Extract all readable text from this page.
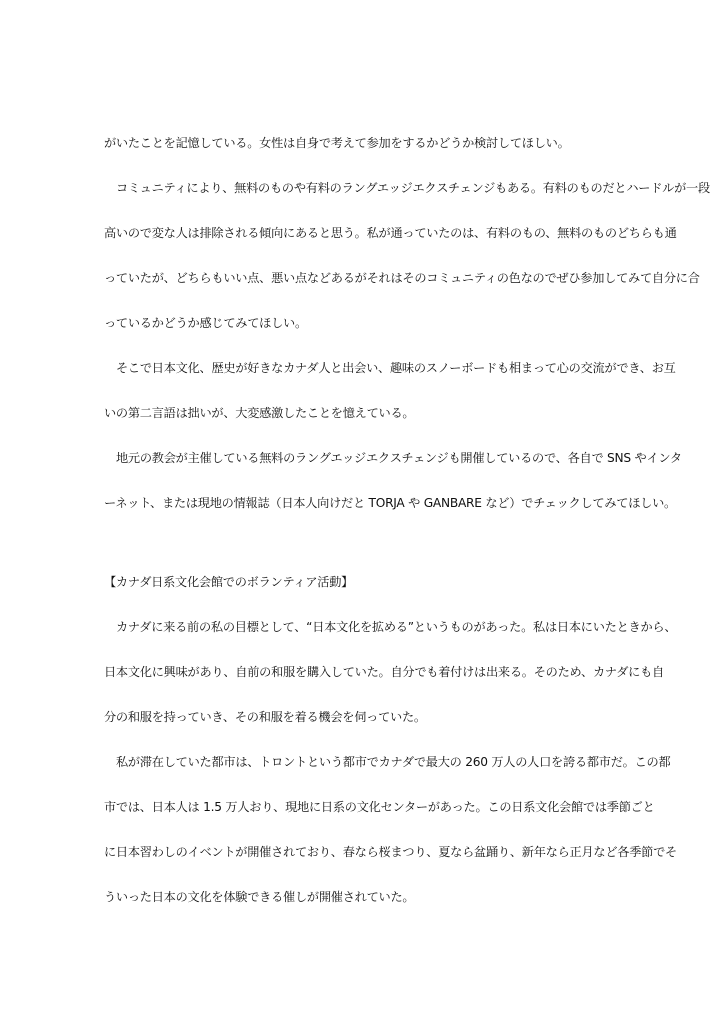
がいたことを記憶している。女性は自身で考えて参加をするかどうか検討してほしい。
コミュニティにより、無料のものや有料のラングエッジエクスチェンジもある。有料のものだとハードルが一段
高いので変な人は排除される傾向にあると思う。私が通っていたのは、有料のもの、無料のものどちらも通
っていたが、どちらもいい点、悪い点などあるがそれはそのコミュニティの色なのでぜひ参加してみて自分に合
っているかどうか感じてみてほしい。
そこで日本文化、歴史が好きなカナダ人と出会い、趣味のスノーボードも相まって心の交流ができ、お互
いの第二言語は拙いが、大変感激したことを憶えている。
地元の教会が主催している無料のラングエッジエクスチェンジも開催しているので、各自で SNS やインタ
ーネット、または現地の情報誌（日本人向けだと TORJA や GANBARE など）でチェックしてみてほしい。
【カナダ日系文化会館でのボランティア活動】
カナダに来る前の私の目標として、“日本文化を拡める”というものがあった。私は日本にいたときから、
日本文化に興味があり、自前の和服を購入していた。自分でも着付けは出来る。そのため、カナダにも自
分の和服を持っていき、その和服を着る機会を伺っていた。
私が滞在していた都市は、トロントという都市でカナダで最大の 260 万人の人口を誇る都市だ。この都
市では、日本人は 1.5 万人おり、現地に日系の文化センターがあった。この日系文化会館では季節ごと
に日本習わしのイベントが開催されており、春なら桜まつり、夏なら盆踊り、新年なら正月など各季節でそ
ういった日本の文化を体験できる催しが開催されていた。
